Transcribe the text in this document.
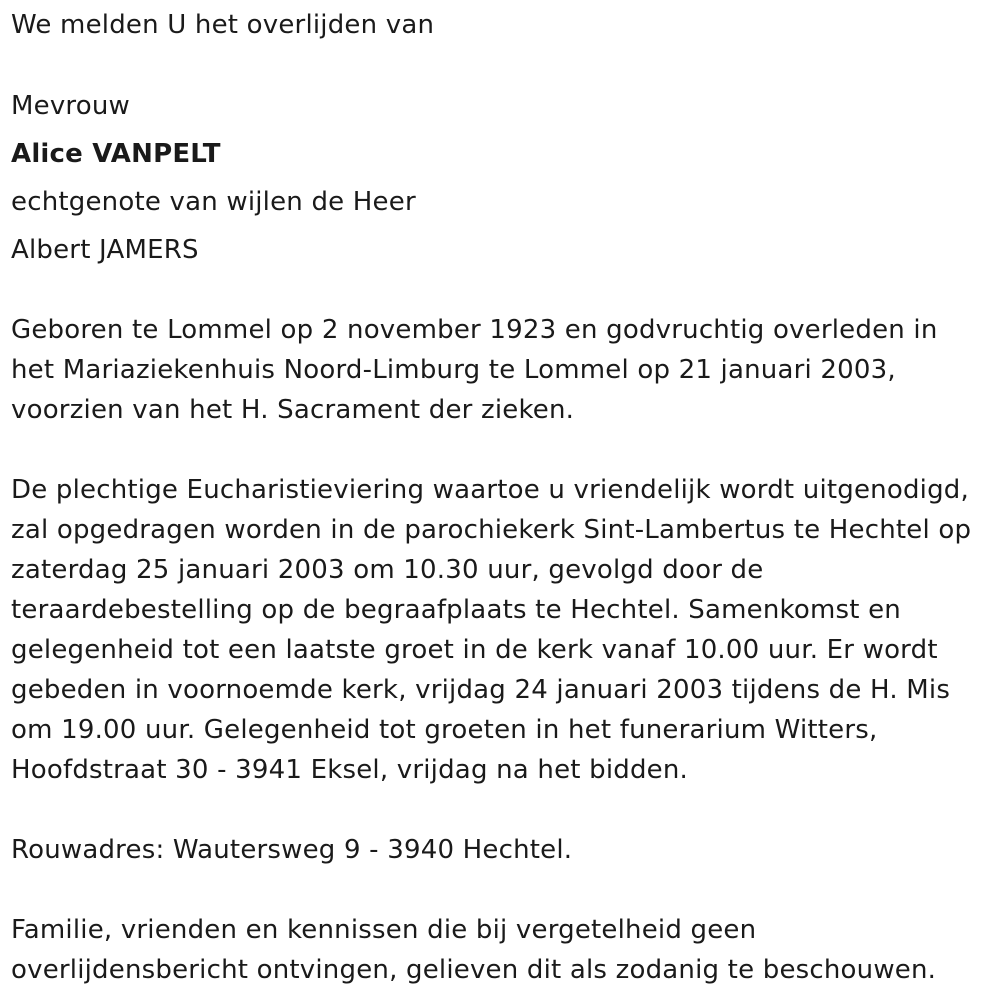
We melden U het overlijden van
Mevrouw
Alice VANPELT
echtgenote van wijlen de Heer
Albert JAMERS
Geboren te Lommel op 2 november 1923 en godvruchtig overleden in
het Mariaziekenhuis Noord-Limburg te Lommel op 21 januari 2003,
voorzien van het H. Sacrament der zieken.
De plechtige Eucharistieviering waartoe u vriendelijk wordt uitgenodigd,
zal opgedragen worden in de parochiekerk Sint-Lambertus te Hechtel op
zaterdag 25 januari 2003 om 10.30 uur, gevolgd door de
teraardebestelling op de begraafplaats te Hechtel. Samenkomst en
gelegenheid tot een laatste groet in de kerk vanaf 10.00 uur. Er wordt
gebeden in voornoemde kerk, vrijdag 24 januari 2003 tijdens de H. Mis
om 19.00 uur. Gelegenheid tot groeten in het funerarium Witters,
Hoofdstraat 30 - 3941 Eksel, vrijdag na het bidden.
Rouwadres: Wautersweg 9 - 3940 Hechtel.
Familie, vrienden en kennissen die bij vergetelheid geen
overlijdensbericht ontvingen, gelieven dit als zodanig te beschouwen.
